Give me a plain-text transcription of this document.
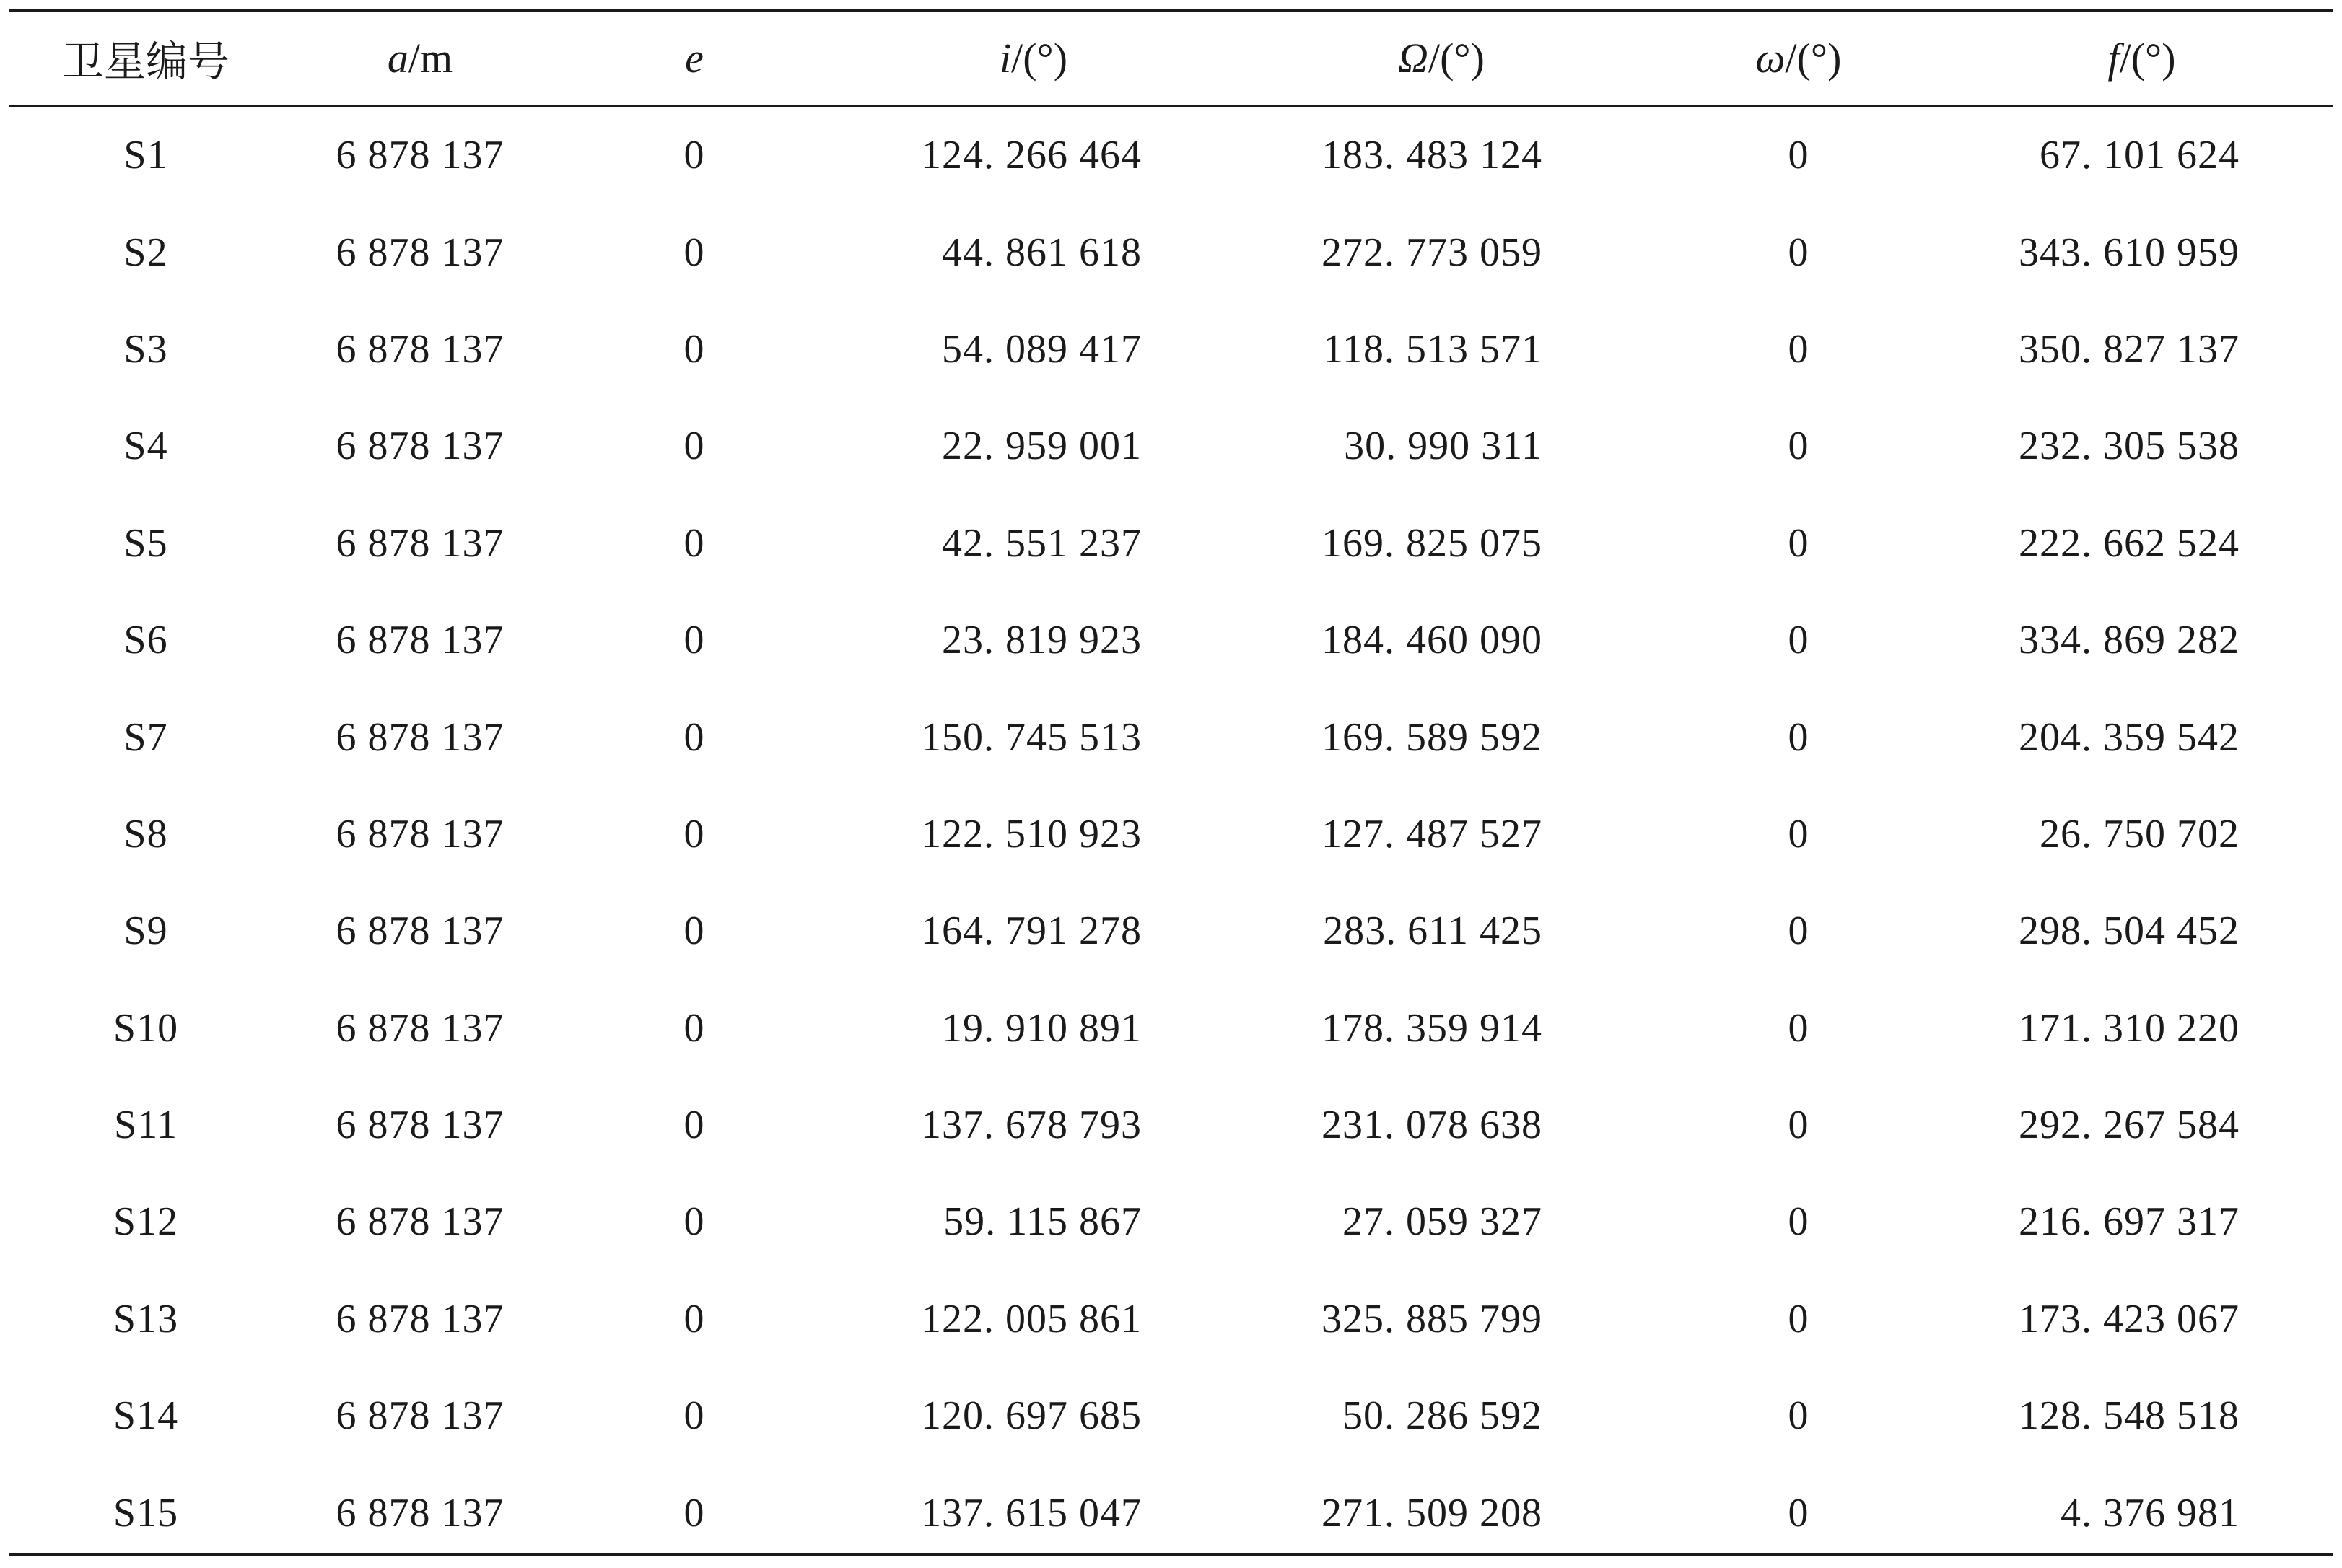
卫星编号	a/m	e	i/(°)	Ω/(°)	ω/(°)	f/(°)
S1	6 878 137	0	124. 266 464	183. 483 124	0	67. 101 624
S2	6 878 137	0	44. 861 618	272. 773 059	0	343. 610 959
S3	6 878 137	0	54. 089 417	118. 513 571	0	350. 827 137
S4	6 878 137	0	22. 959 001	30. 990 311	0	232. 305 538
S5	6 878 137	0	42. 551 237	169. 825 075	0	222. 662 524
S6	6 878 137	0	23. 819 923	184. 460 090	0	334. 869 282
S7	6 878 137	0	150. 745 513	169. 589 592	0	204. 359 542
S8	6 878 137	0	122. 510 923	127. 487 527	0	26. 750 702
S9	6 878 137	0	164. 791 278	283. 611 425	0	298. 504 452
S10	6 878 137	0	19. 910 891	178. 359 914	0	171. 310 220
S11	6 878 137	0	137. 678 793	231. 078 638	0	292. 267 584
S12	6 878 137	0	59. 115 867	27. 059 327	0	216. 697 317
S13	6 878 137	0	122. 005 861	325. 885 799	0	173. 423 067
S14	6 878 137	0	120. 697 685	50. 286 592	0	128. 548 518
S15	6 878 137	0	137. 615 047	271. 509 208	0	4. 376 981
